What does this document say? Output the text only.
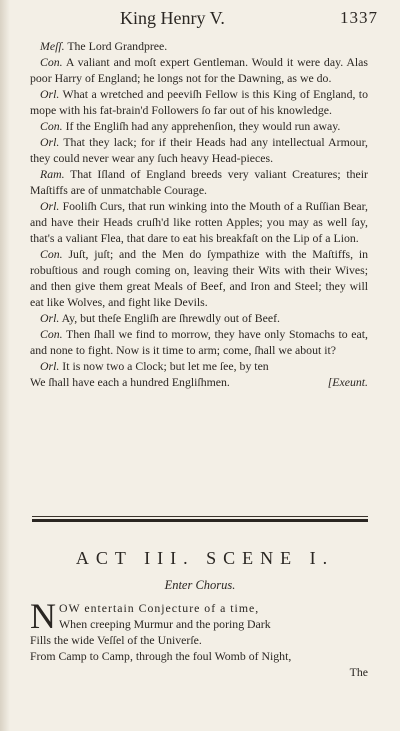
King Henry V.	1337

Meſſ. The Lord Grandpree.

Con. A valiant and moſt expert Gentleman. Would it were day. Alas poor Harry of England; he longs not for the Dawning, as we do.

Orl. What a wretched and peeviſh Fellow is this King of England, to mope with his fat-brain'd Followers ſo far out of his knowledge.

Con. If the Engliſh had any apprehenſion, they would run away.

Orl. That they lack; for if their Heads had any intellectual Armour, they could never wear any ſuch heavy Head-pieces.

Ram. That Iſland of England breeds very valiant Creatures; their Maſtiffs are of unmatchable Courage.

Orl. Fooliſh Curs, that run winking into the Mouth of a Ruſſian Bear, and have their Heads cruſh'd like rotten Apples; you may as well ſay, that's a valiant Flea, that dare to eat his breakfaſt on the Lip of a Lion.

Con. Juſt, juſt; and the Men do ſympathize with the Maſtiffs, in robuſtious and rough coming on, leaving their Wits with their Wives; and then give them great Meals of Beef, and Iron and Steel; they will eat like Wolves, and fight like Devils.

Orl. Ay, but theſe Engliſh are ſhrewdly out of Beef.

Con. Then ſhall we find to morrow, they have only Stomachs to eat, and none to fight. Now is it time to arm; come, ſhall we about it?

Orl. It is now two a Clock; but let me ſee, by ten

We ſhall have each a hundred Engliſhmen.	[Exeunt.

ACT III. SCENE I.
Enter Chorus.
N OW entertain Conjecture of a time,
When creeping Murmur and the poring Dark
Fills the wide Veſſel of the Univerſe.
From Camp to Camp, through the foul Womb of Night,
The
